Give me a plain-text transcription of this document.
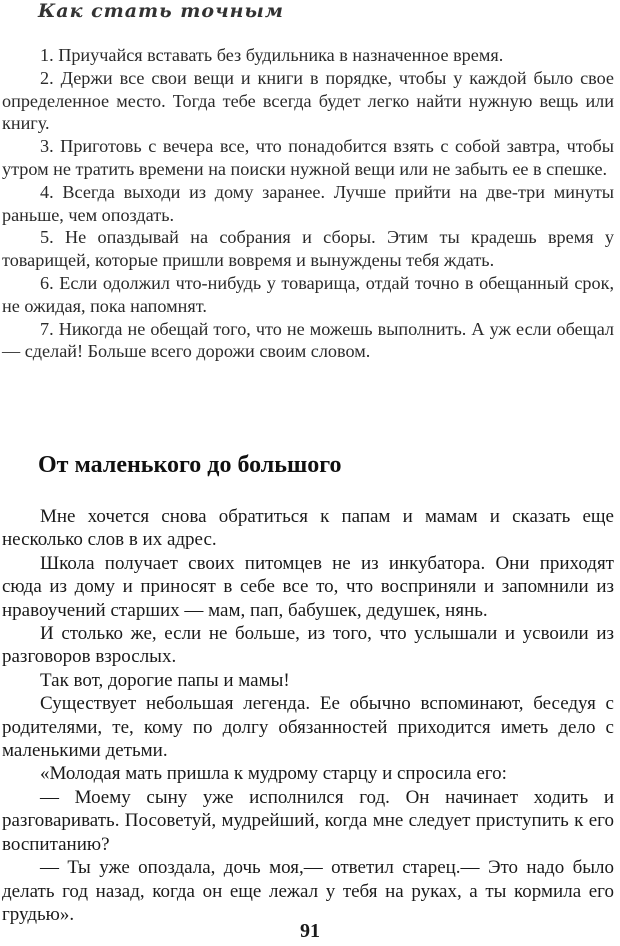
Как стать точным

1. Приучайся вставать без будильника в назначенное время.

2. Держи все свои вещи и книги в порядке, чтобы у каждой было свое определенное место. Тогда тебе всегда будет легко найти нужную вещь или книгу.

3. Приготовь с вечера все, что понадобится взять с собой завтра, чтобы утром не тратить времени на поиски нужной вещи или не забыть ее в спешке.

4. Всегда выходи из дому заранее. Лучше прийти на две-три минуты раньше, чем опоздать.

5. Не опаздывай на собрания и сборы. Этим ты крадешь время у товарищей, которые пришли вовремя и вынуждены тебя ждать.

6. Если одолжил что-нибудь у товарища, отдай точно в обещанный срок, не ожидая, пока напомнят.

7. Никогда не обещай того, что не можешь выполнить. А уж если обещал — сделай! Больше всего дорожи своим словом.

От маленького до большого

Мне хочется снова обратиться к папам и мамам и сказать еще несколько слов в их адрес.

Школа получает своих питомцев не из инкубатора. Они приходят сюда из дому и приносят в себе все то, что восприняли и запомнили из нравоучений старших — мам, пап, бабушек, дедушек, нянь.

И столько же, если не больше, из того, что услышали и усвоили из разговоров взрослых.

Так вот, дорогие папы и мамы!

Существует небольшая легенда. Ее обычно вспоминают, беседуя с родителями, те, кому по долгу обязанностей приходится иметь дело с маленькими детьми.

«Молодая мать пришла к мудрому старцу и спросила его:

— Моему сыну уже исполнился год. Он начинает ходить и разговаривать. Посоветуй, мудрейший, когда мне следует приступить к его воспитанию?

— Ты уже опоздала, дочь моя,— ответил старец.— Это надо было делать год назад, когда он еще лежал у тебя на руках, а ты кормила его грудью».

91
